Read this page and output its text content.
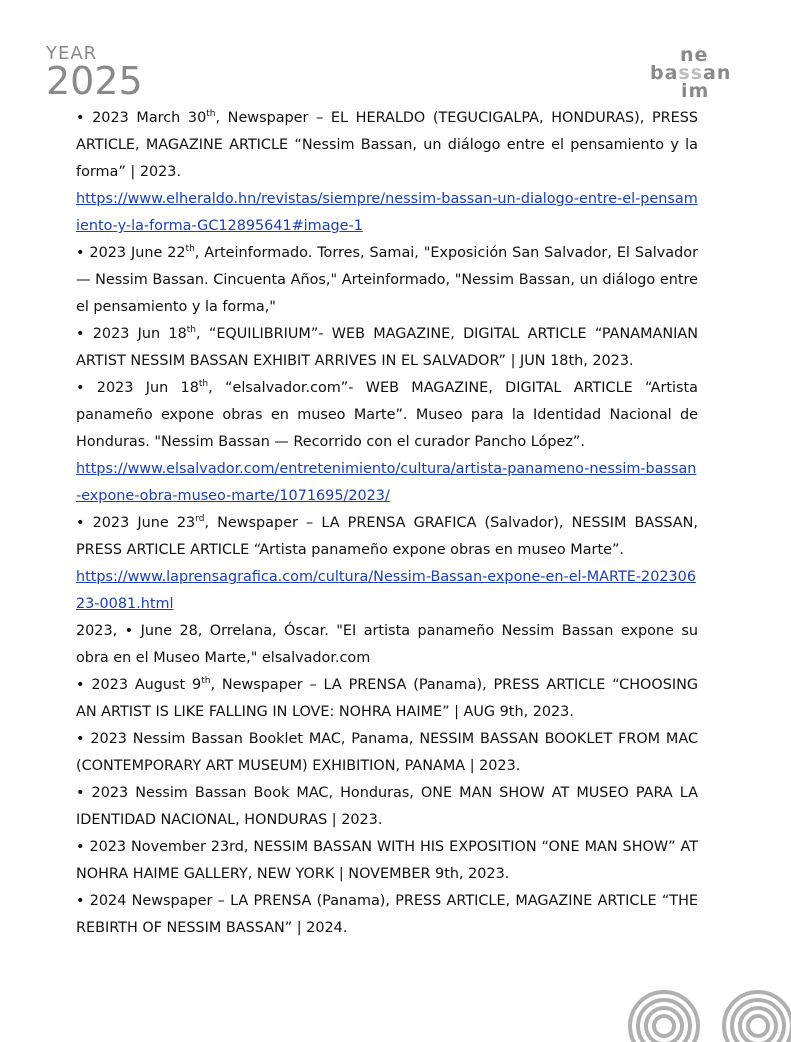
YEAR
2025
ne
bassan
im

• 2023 March 30th, Newspaper – EL HERALDO (TEGUCIGALPA, HONDURAS), PRESS ARTICLE, MAGAZINE ARTICLE “Nessim Bassan, un diálogo entre el pensamiento y la forma” | 2023.
https://www.elheraldo.hn/revistas/siempre/nessim-bassan-un-dialogo-entre-el-pensamiento-y-la-forma-GC12895641#image-1

• 2023 June 22th, Arteinformado. Torres, Samai, "Exposición San Salvador, El Salvador — Nessim Bassan. Cincuenta Años," Arteinformado, "Nessim Bassan, un diálogo entre el pensamiento y la forma,"

• 2023 Jun 18th, “EQUILIBRIUM”- WEB MAGAZINE, DIGITAL ARTICLE “PANAMANIAN ARTIST NESSIM BASSAN EXHIBIT ARRIVES IN EL SALVADOR” | JUN 18th, 2023.

• 2023 Jun 18th, “elsalvador.com”- WEB MAGAZINE, DIGITAL ARTICLE “Artista panameño expone obras en museo Marte”. Museo para la Identidad Nacional de Honduras. "Nessim Bassan — Recorrido con el curador Pancho López”.
https://www.elsalvador.com/entretenimiento/cultura/artista-panameno-nessim-bassan-expone-obra-museo-marte/1071695/2023/

• 2023 June 23rd, Newspaper – LA PRENSA GRAFICA (Salvador), NESSIM BASSAN, PRESS ARTICLE ARTICLE “Artista panameño expone obras en museo Marte”.
https://www.laprensagrafica.com/cultura/Nessim-Bassan-expone-en-el-MARTE-20230623-0081.html

2023, • June 28, Orrelana, Óscar. "EI artista panameño Nessim Bassan expone su obra en el Museo Marte," elsalvador.com

• 2023 August 9th, Newspaper – LA PRENSA (Panama), PRESS ARTICLE “CHOOSING AN ARTIST IS LIKE FALLING IN LOVE: NOHRA HAIME” | AUG 9th, 2023.

• 2023 Nessim Bassan Booklet MAC, Panama, NESSIM BASSAN BOOKLET FROM MAC (CONTEMPORARY ART MUSEUM) EXHIBITION, PANAMA | 2023.

• 2023 Nessim Bassan Book MAC, Honduras, ONE MAN SHOW AT MUSEO PARA LA IDENTIDAD NACIONAL, HONDURAS | 2023.

• 2023 November 23rd, NESSIM BASSAN WITH HIS EXPOSITION “ONE MAN SHOW” AT NOHRA HAIME GALLERY, NEW YORK | NOVEMBER 9th, 2023.

• 2024 Newspaper – LA PRENSA (Panama), PRESS ARTICLE, MAGAZINE ARTICLE “THE REBIRTH OF NESSIM BASSAN” | 2024.
